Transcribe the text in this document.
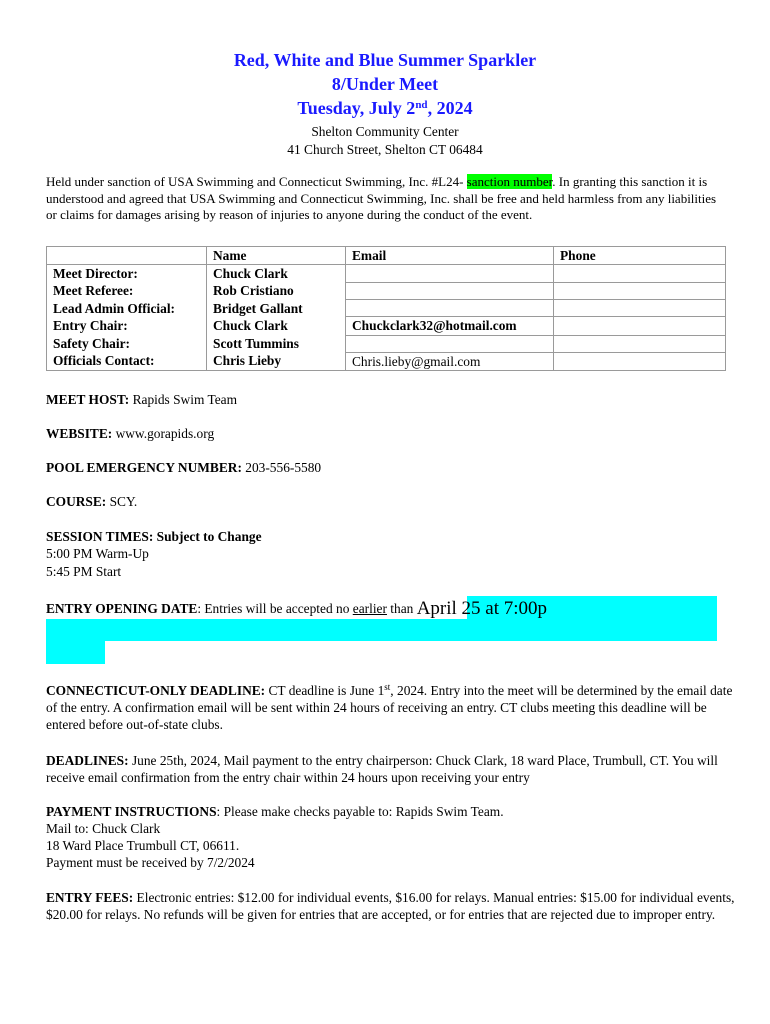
Red, White and Blue Summer Sparkler
8/Under Meet
Tuesday, July 2nd, 2024
Shelton Community Center
41 Church Street, Shelton CT 06484
Held under sanction of USA Swimming and Connecticut Swimming, Inc. #L24- sanction number. In granting this sanction it is understood and agreed that USA Swimming and Connecticut Swimming, Inc. shall be free and held harmless from any liabilities or claims for damages arising by reason of injuries to anyone during the conduct of the event.
	Name	Email	Phone
Meet Director:	Chuck Clark		
Meet Referee:	Rob Cristiano		
Lead Admin Official:	Bridget Gallant		
Entry Chair:	Chuck Clark	Chuckclark32@hotmail.com	
Safety Chair:	Scott Tummins		
Officials Contact:	Chris Lieby	Chris.lieby@gmail.com	
MEET HOST: Rapids Swim Team
WEBSITE: www.gorapids.org
POOL EMERGENCY NUMBER: 203-556-5580
COURSE: SCY.
SESSION TIMES: Subject to Change
5:00 PM Warm-Up
5:45 PM Start
ENTRY OPENING DATE: Entries will be accepted no earlier than April 25 at 7:00p
CONNECTICUT-ONLY DEADLINE: CT deadline is June 1st, 2024. Entry into the meet will be determined by the email date of the entry. A confirmation email will be sent within 24 hours of receiving an entry. CT clubs meeting this deadline will be entered before out-of-state clubs.
DEADLINES: June 25th, 2024, Mail payment to the entry chairperson: Chuck Clark, 18 ward Place, Trumbull, CT. You will receive email confirmation from the entry chair within 24 hours upon receiving your entry
PAYMENT INSTRUCTIONS: Please make checks payable to: Rapids Swim Team.
Mail to: Chuck Clark
18 Ward Place Trumbull CT, 06611.
Payment must be received by 7/2/2024
ENTRY FEES: Electronic entries: $12.00 for individual events, $16.00 for relays. Manual entries: $15.00 for individual events, $20.00 for relays. No refunds will be given for entries that are accepted, or for entries that are rejected due to improper entry.
